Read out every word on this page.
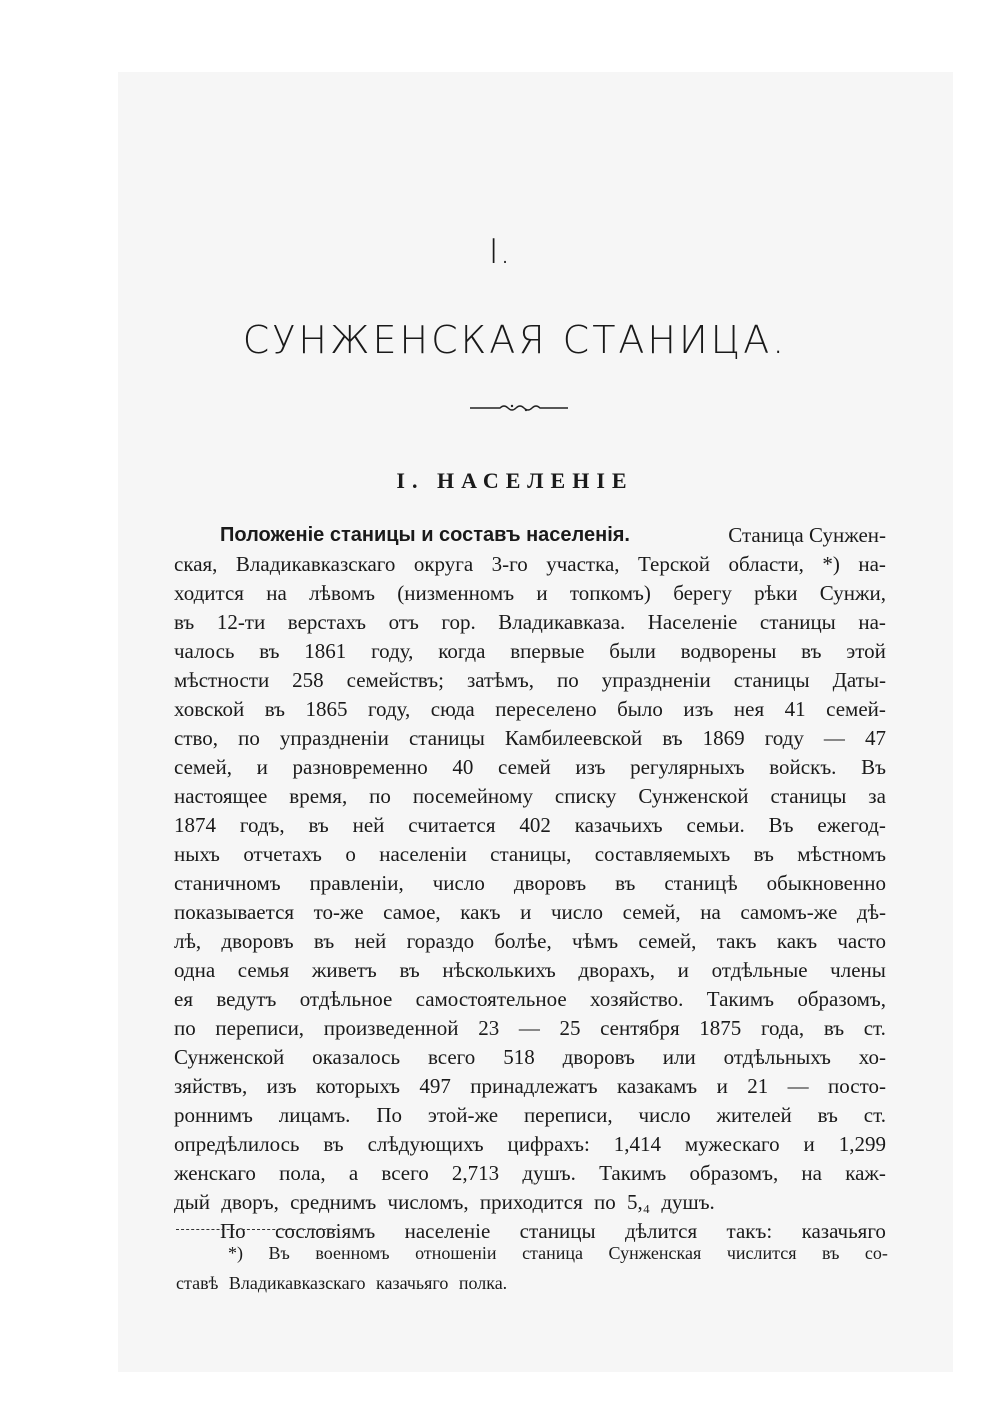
I.
СУНЖЕНСКАЯ СТАНИЦА.
I. НАСЕЛЕНІЕ
Положеніе станицы и составъ населенія.	Станица Сунжен-
ская, Владикавказскаго округа 3-го участка, Терской области, *) на-
ходится на лѣвомъ (низменномъ и топкомъ) берегу рѣки Сунжи,
въ 12-ти верстахъ отъ гор. Владикавказа. Населеніе станицы на-
чалось въ 1861 году, когда впервые были водворены въ этой
мѣстности 258 семействъ; затѣмъ, по упраздненіи станицы Даты-
ховской въ 1865 году, сюда переселено было изъ нея 41 семей-
ство, по упраздненіи станицы Камбилеевской въ 1869 году — 47
семей, и разновременно 40 семей изъ регулярныхъ войскъ. Въ
настоящее время, по посемейному списку Сунженской станицы за
1874 годъ, въ ней считается 402 казачьихъ семьи. Въ ежегод-
ныхъ отчетахъ о населеніи станицы, составляемыхъ въ мѣстномъ
станичномъ правленіи, число дворовъ въ станицѣ обыкновенно
показывается то-же самое, какъ и число семей, на самомъ-же дѣ-
лѣ, дворовъ въ ней гораздо болѣе, чѣмъ семей, такъ какъ часто
одна семья живетъ въ нѣсколькихъ дворахъ, и отдѣльные члены
ея ведутъ отдѣльное самостоятельное хозяйство. Такимъ образомъ,
по переписи, произведенной 23 — 25 сентября 1875 года, въ ст.
Сунженской оказалось всего 518 дворовъ или отдѣльныхъ хо-
зяйствъ, изъ которыхъ 497 принадлежатъ казакамъ и 21 — посто-
роннимъ лицамъ. По этой-же переписи, число жителей въ ст.
опредѣлилось въ слѣдующихъ цифрахъ: 1,414 мужескаго и 1,299
женскаго пола, а всего 2,713 душъ. Такимъ образомъ, на каж-
дый дворъ, среднимъ числомъ, приходится по 5,₄ душъ.
По сословіямъ населеніе станицы дѣлится такъ: казачьяго
*) Въ военномъ отношеніи станица Сунженская числится въ со-
ставѣ Владикавказскаго казачьяго полка.
